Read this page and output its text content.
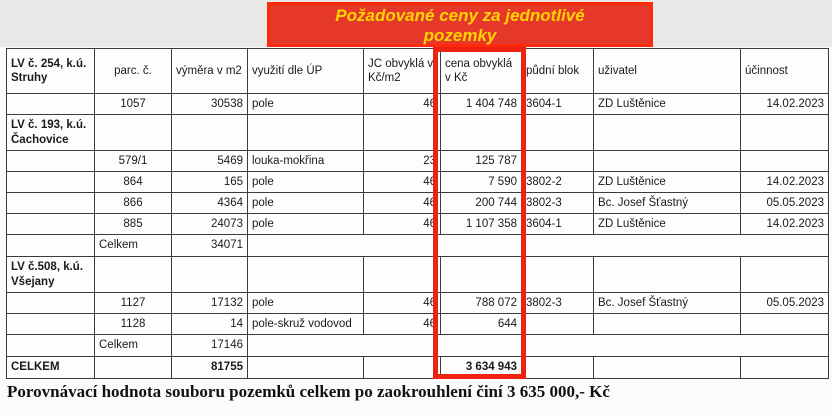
Požadované ceny za jednotlivé
pozemky
LV č. 254, k.ú. Struhy	parc. č.	výměra v m2	využití dle ÚP	JC obvyklá v Kč/m2	cena obvyklá v Kč	půdní blok	uživatel	účinnost
	1057	30538	pole	46	1 404 748	3604-1	ZD Luštěnice	14.02.2023
LV č. 193, k.ú. Čachovice								
	579/1	5469	louka-mokřina	23	125 787			
	864	165	pole	46	7 590	3802-2	ZD Luštěnice	14.02.2023
	866	4364	pole	46	200 744	3802-3	Bc. Josef Šťastný	05.05.2023
	885	24073	pole	46	1 107 358	3604-1	ZD Luštěnice	14.02.2023
	Celkem	34071						
LV č.508, k.ú. Všejany								
	1127	17132	pole	46	788 072	3802-3	Bc. Josef Šťastný	05.05.2023
	1128	14	pole-skruž vodovod	46	644			
	Celkem	17146						
CELKEM		81755			3 634 943			
Porovnávací hodnota souboru pozemků celkem po zaokrouhlení činí 3 635 000,- Kč
